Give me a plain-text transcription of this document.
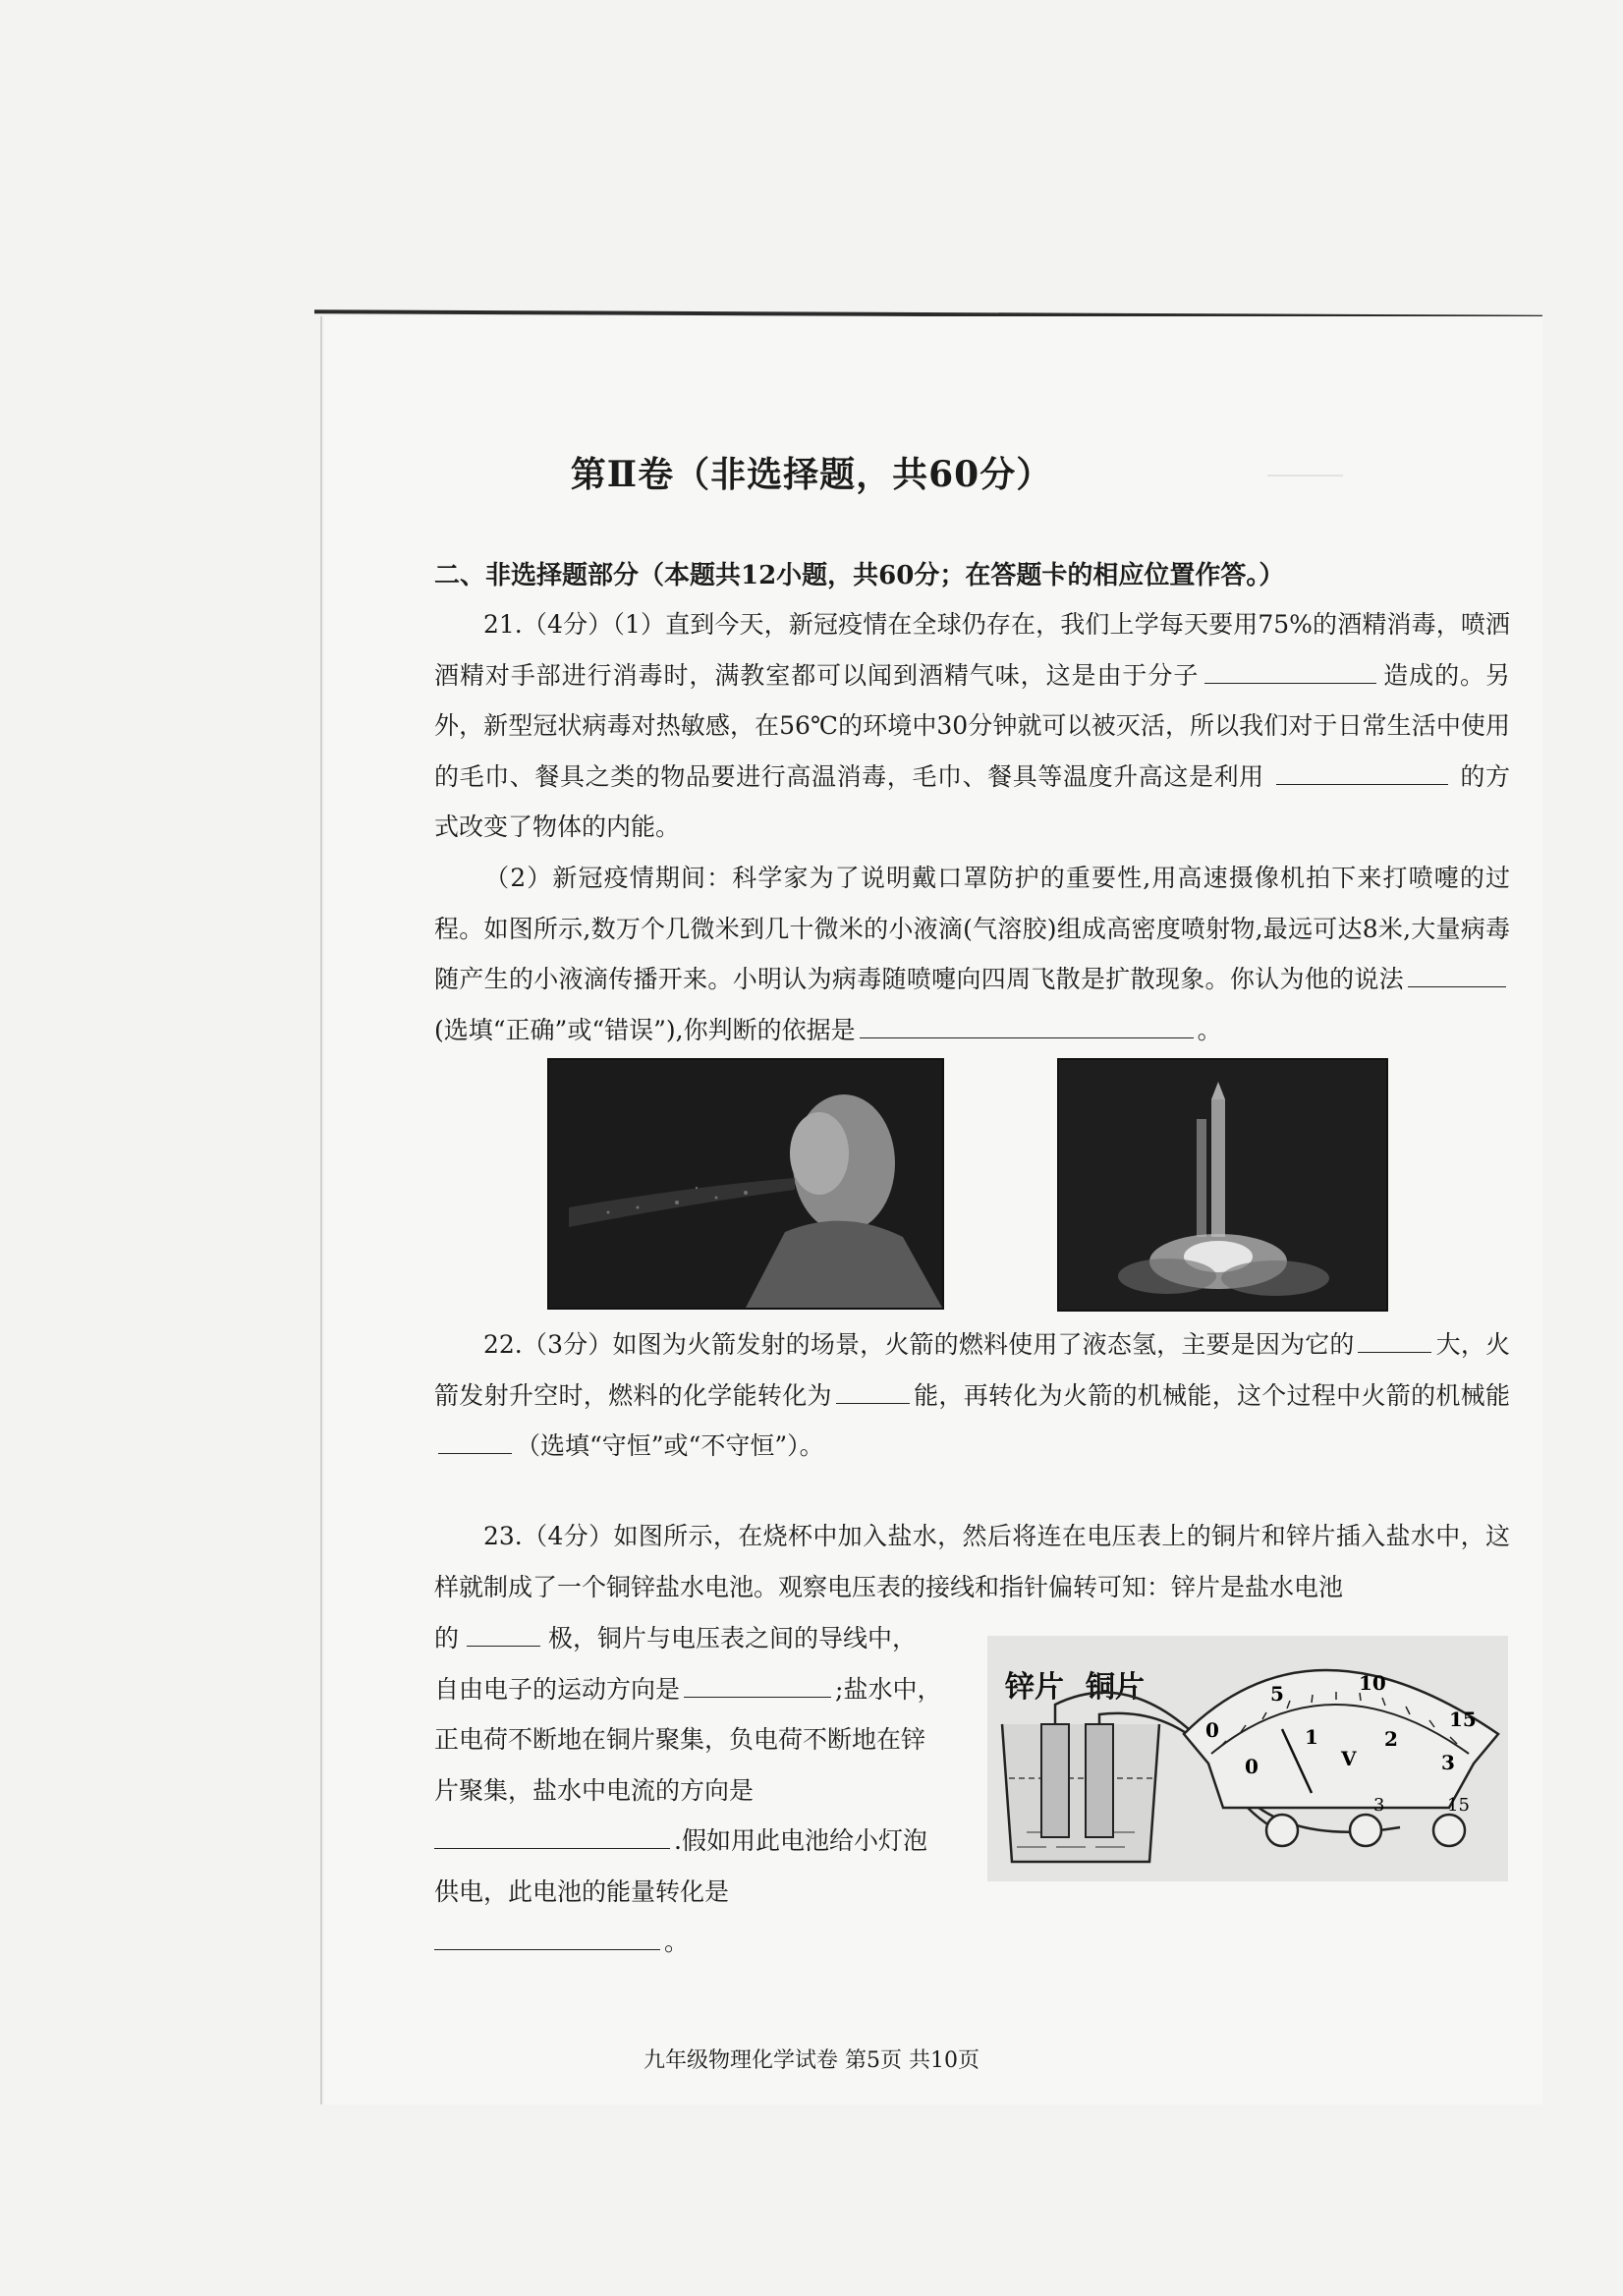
_______
第Ⅱ卷（非选择题，共60分）
二、非选择题部分（本题共12小题，共60分；在答题卡的相应位置作答。）
21.（4分）（1）直到今天，新冠疫情在全球仍存在，我们上学每天要用75%的酒精消毒，喷洒酒精对手部进行消毒时，满教室都可以闻到酒精气味，这是由于分子	造成的。另外，新型冠状病毒对热敏感，在56℃的环境中30分钟就可以被灭活，所以我们对于日常生活中使用的毛巾、餐具之类的物品要进行高温消毒，毛巾、餐具等温度升高这是利用	的方式改变了物体的内能。
（2）新冠疫情期间：科学家为了说明戴口罩防护的重要性,用高速摄像机拍下来打喷嚏的过程。如图所示,数万个几微米到几十微米的小液滴(气溶胶)组成高密度喷射物,最远可达8米,大量病毒随产生的小液滴传播开来。小明认为病毒随喷嚏向四周飞散是扩散现象。你认为他的说法(选填“正确”或“错误”),你判断的依据是	。
22.（3分）如图为火箭发射的场景，火箭的燃料使用了液态氢，主要是因为它的	大，火箭发射升空时，燃料的化学能转化为	能，再转化为火箭的机械能，这个过程中火箭的机械能（选填“守恒”或“不守恒”）。
23.（4分）如图所示，在烧杯中加入盐水，然后将连在电压表上的铜片和锌片插入盐水中，这样就制成了一个铜锌盐水电池。观察电压表的接线和指针偏转可知：锌片是盐水电池
的	极，铜片与电压表之间的导线中，
自由电子的运动方向是	;盐水中，
正电荷不断地在铜片聚集，负电荷不断地在锌
片聚集，盐水中电流的方向是
.假如用此电池给小灯泡
供电，此电池的能量转化是
。
锌片 铜片
0
5	10
15
0
1	2
3
V
3	15
九年级物理化学试卷 第5页 共10页
